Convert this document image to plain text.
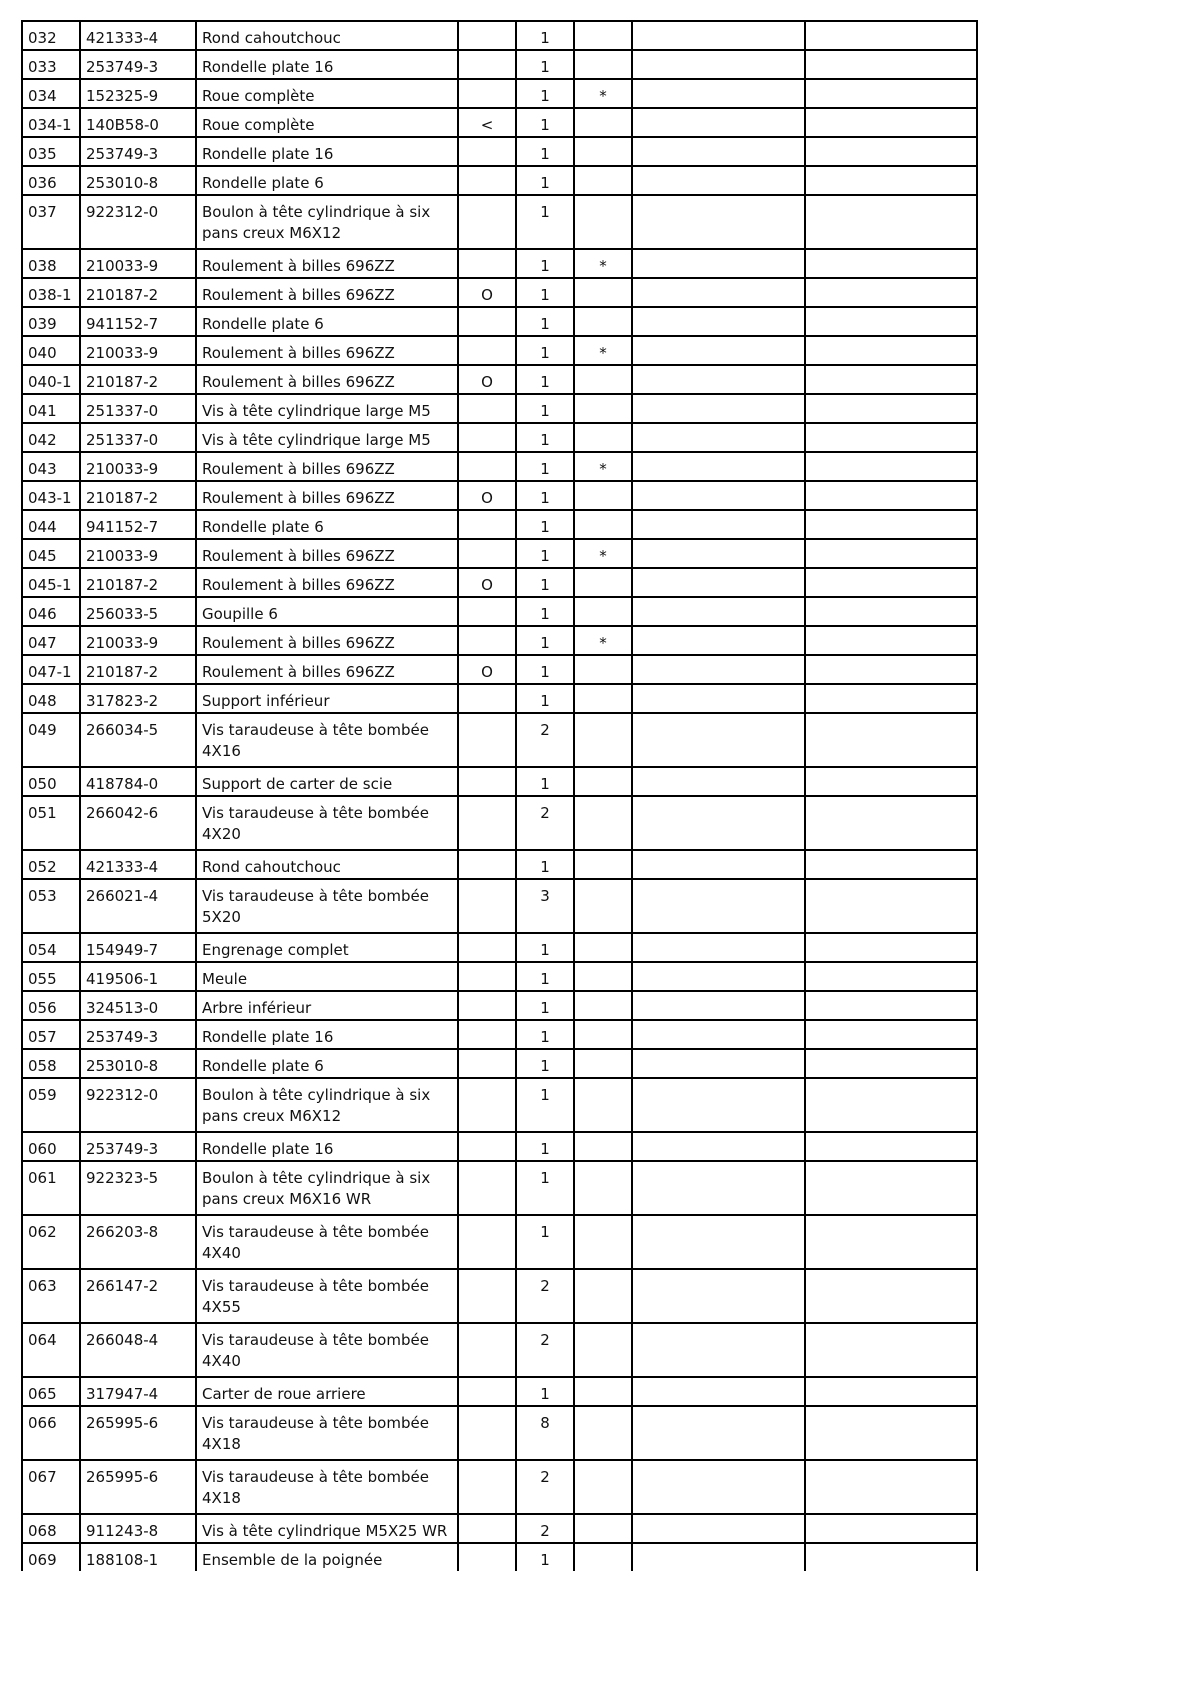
032	421333-4	Rond cahoutchouc		1			
033	253749-3	Rondelle plate 16		1			
034	152325-9	Roue complète		1	*		
034-1	140B58-0	Roue complète	<	1			
035	253749-3	Rondelle plate 16		1			
036	253010-8	Rondelle plate 6		1			
037	922312-0	Boulon à tête cylindrique à six pans creux M6X12		1			
038	210033-9	Roulement à billes 696ZZ		1	*		
038-1	210187-2	Roulement à billes 696ZZ	O	1			
039	941152-7	Rondelle plate 6		1			
040	210033-9	Roulement à billes 696ZZ		1	*		
040-1	210187-2	Roulement à billes 696ZZ	O	1			
041	251337-0	Vis à tête cylindrique large M5		1			
042	251337-0	Vis à tête cylindrique large M5		1			
043	210033-9	Roulement à billes 696ZZ		1	*		
043-1	210187-2	Roulement à billes 696ZZ	O	1			
044	941152-7	Rondelle plate 6		1			
045	210033-9	Roulement à billes 696ZZ		1	*		
045-1	210187-2	Roulement à billes 696ZZ	O	1			
046	256033-5	Goupille 6		1			
047	210033-9	Roulement à billes 696ZZ		1	*		
047-1	210187-2	Roulement à billes 696ZZ	O	1			
048	317823-2	Support inférieur		1			
049	266034-5	Vis taraudeuse à tête bombée 4X16		2			
050	418784-0	Support de carter de scie		1			
051	266042-6	Vis taraudeuse à tête bombée 4X20		2			
052	421333-4	Rond cahoutchouc		1			
053	266021-4	Vis taraudeuse à tête bombée 5X20		3			
054	154949-7	Engrenage complet		1			
055	419506-1	Meule		1			
056	324513-0	Arbre inférieur		1			
057	253749-3	Rondelle plate 16		1			
058	253010-8	Rondelle plate 6		1			
059	922312-0	Boulon à tête cylindrique à six pans creux M6X12		1			
060	253749-3	Rondelle plate 16		1			
061	922323-5	Boulon à tête cylindrique à six pans creux M6X16 WR		1			
062	266203-8	Vis taraudeuse à tête bombée 4X40		1			
063	266147-2	Vis taraudeuse à tête bombée 4X55		2			
064	266048-4	Vis taraudeuse à tête bombée 4X40		2			
065	317947-4	Carter de roue arriere		1			
066	265995-6	Vis taraudeuse à tête bombée 4X18		8			
067	265995-6	Vis taraudeuse à tête bombée 4X18		2			
068	911243-8	Vis à tête cylindrique M5X25 WR		2			
069	188108-1	Ensemble de la poignée		1			
